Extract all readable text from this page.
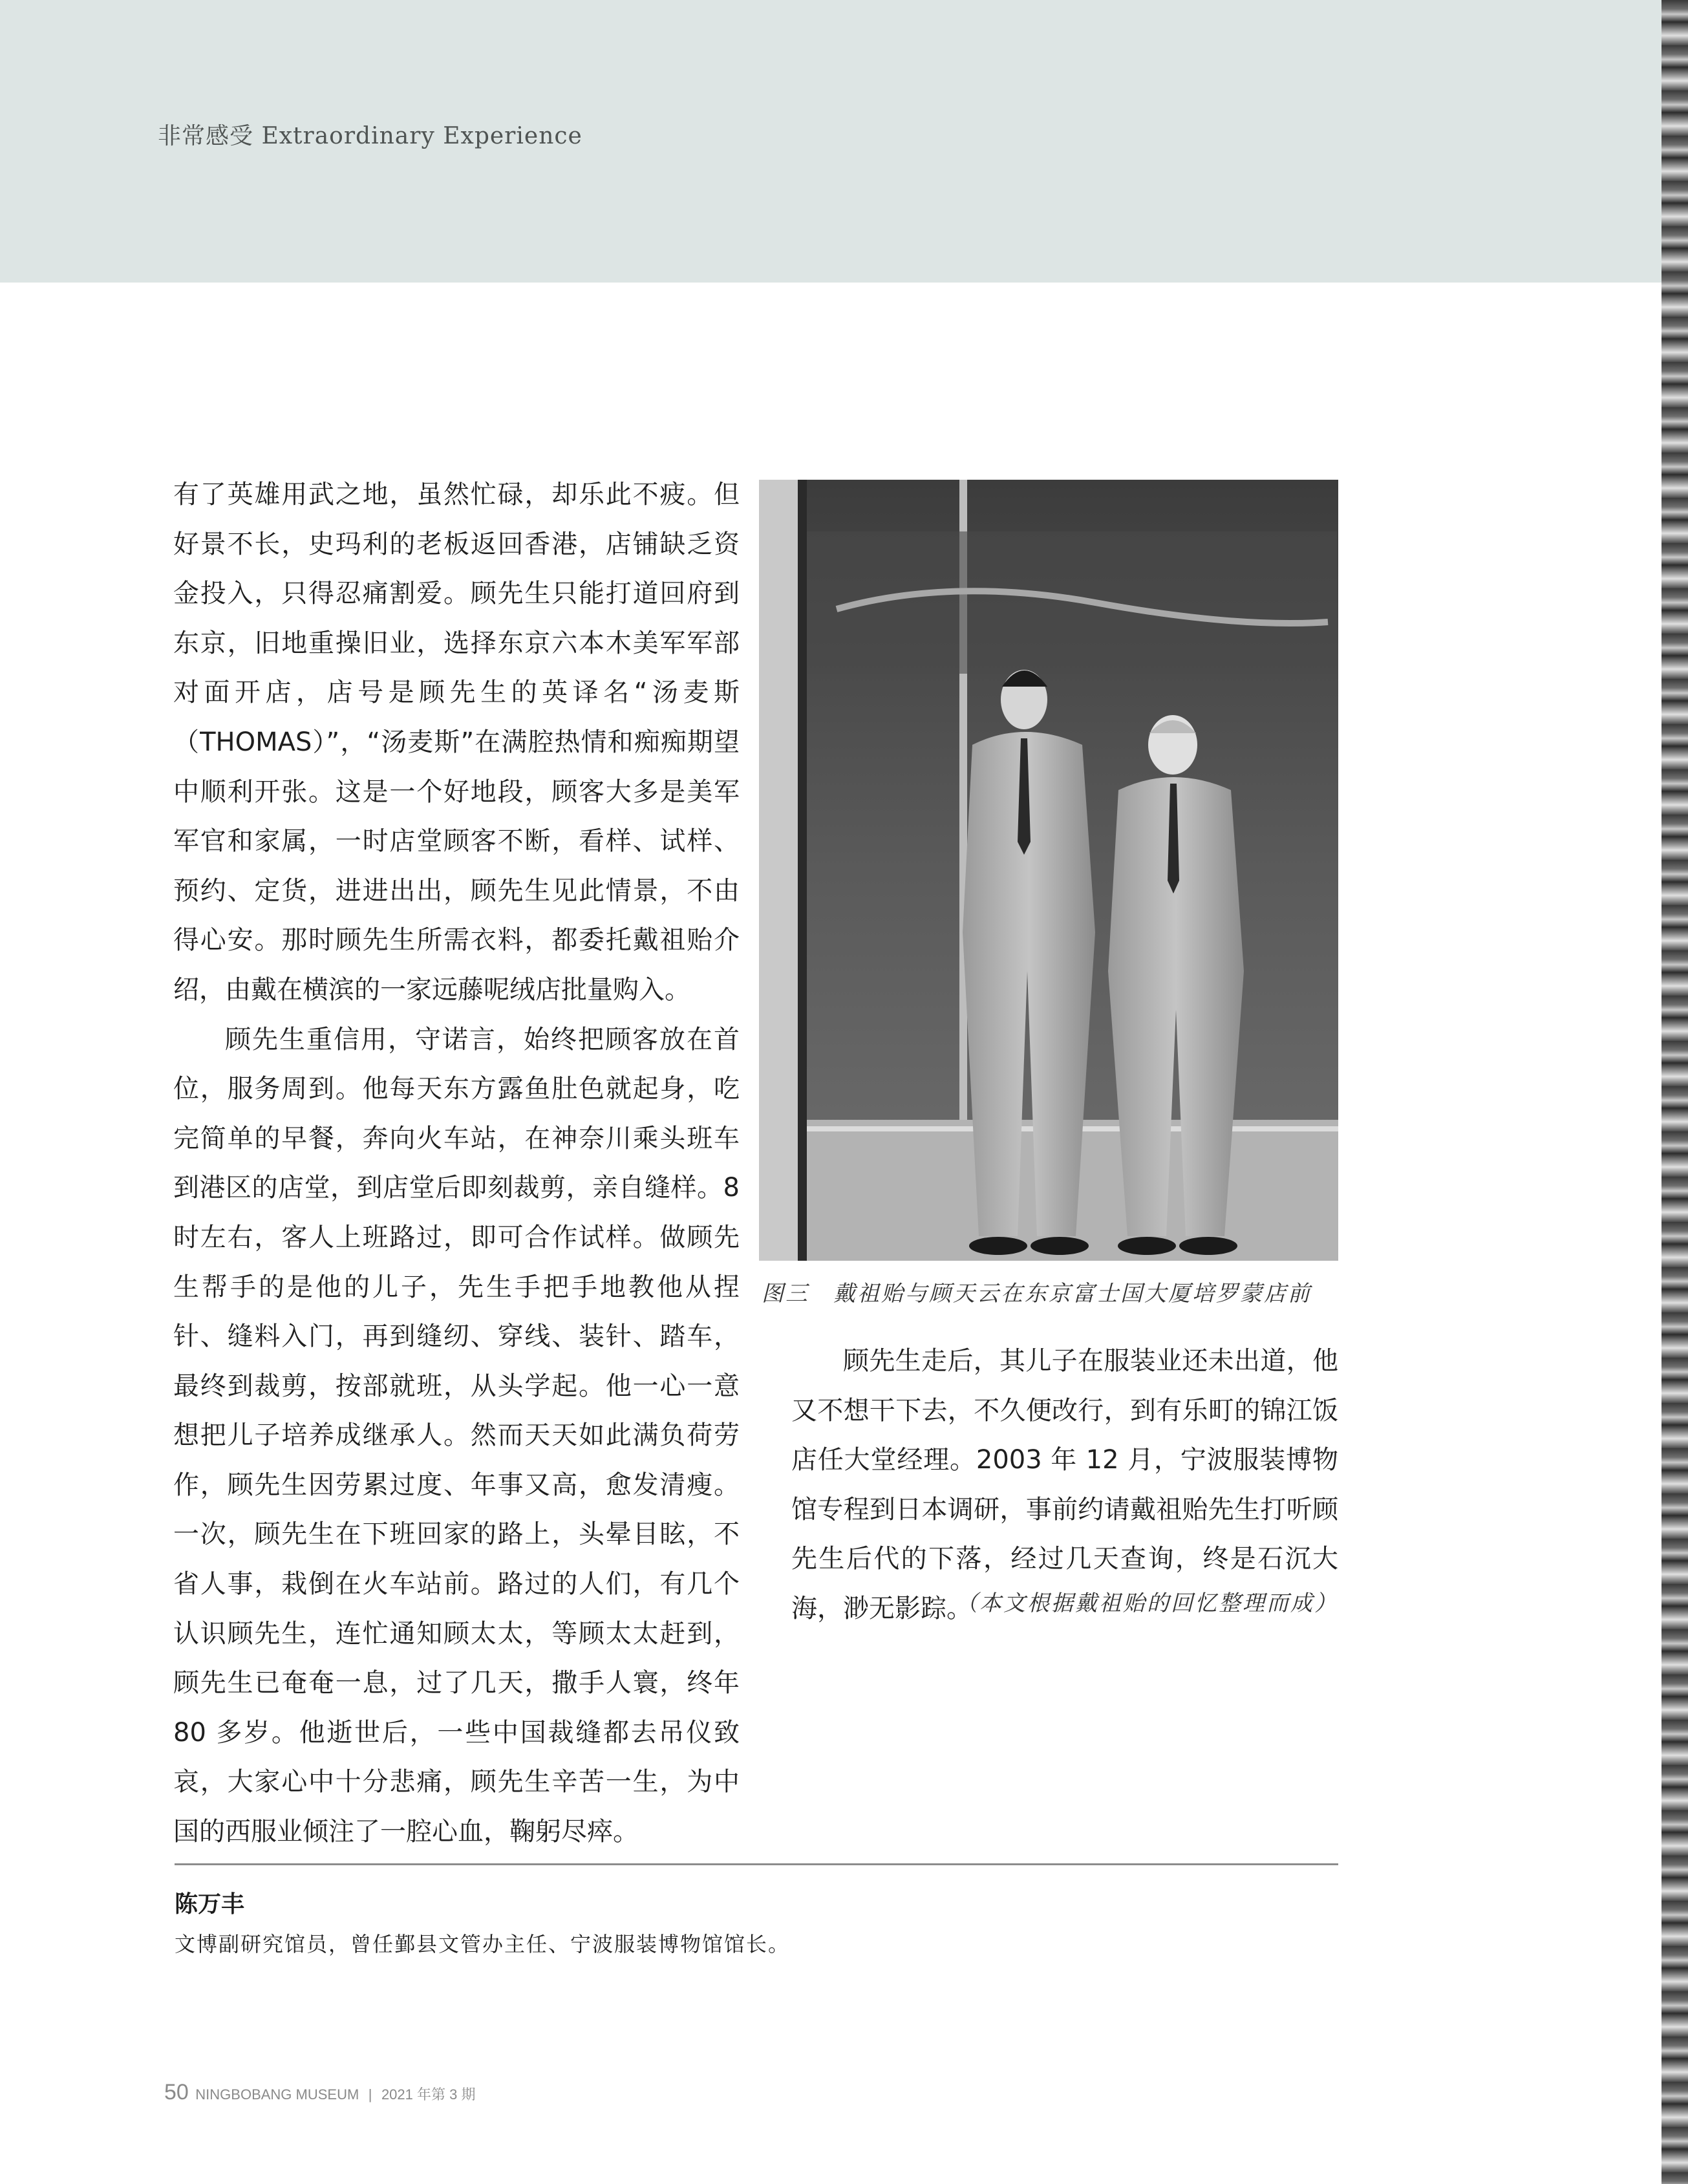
非常感受 Extraordinary Experience

有了英雄用武之地，虽然忙碌，却乐此不疲。但好景不长，史玛利的老板返回香港，店铺缺乏资金投入，只得忍痛割爱。顾先生只能打道回府到东京，旧地重操旧业，选择东京六本木美军军部对面开店，店号是顾先生的英译名“汤麦斯（THOMAS）”，“汤麦斯”在满腔热情和痴痴期望中顺利开张。这是一个好地段，顾客大多是美军军官和家属，一时店堂顾客不断，看样、试样、预约、定货，进进出出，顾先生见此情景，不由得心安。那时顾先生所需衣料，都委托戴祖贻介绍，由戴在横滨的一家远藤呢绒店批量购入。

顾先生重信用，守诺言，始终把顾客放在首位，服务周到。他每天东方露鱼肚色就起身，吃完简单的早餐，奔向火车站，在神奈川乘头班车到港区的店堂，到店堂后即刻裁剪，亲自缝样。8时左右，客人上班路过，即可合作试样。做顾先生帮手的是他的儿子，先生手把手地教他从捏针、缝料入门，再到缝纫、穿线、装针、踏车，最终到裁剪，按部就班，从头学起。他一心一意想把儿子培养成继承人。然而天天如此满负荷劳作，顾先生因劳累过度、年事又高，愈发清瘦。一次，顾先生在下班回家的路上，头晕目眩，不省人事，栽倒在火车站前。路过的人们，有几个认识顾先生，连忙通知顾太太，等顾太太赶到，顾先生已奄奄一息，过了几天，撒手人寰，终年 80 多岁。他逝世后，一些中国裁缝都去吊仪致哀，大家心中十分悲痛，顾先生辛苦一生，为中国的西服业倾注了一腔心血，鞠躬尽瘁。

图三　戴祖贻与顾天云在东京富士国大厦培罗蒙店前

顾先生走后，其儿子在服装业还未出道，他又不想干下去，不久便改行，到有乐町的锦江饭店任大堂经理。2003 年 12 月，宁波服装博物馆专程到日本调研，事前约请戴祖贻先生打听顾先生后代的下落，经过几天查询，终是石沉大海，渺无影踪。

（本文根据戴祖贻的回忆整理而成）
陈万丰
文博副研究馆员，曾任鄞县文管办主任、宁波服装博物馆馆长。
50 NINGBOBANG MUSEUM | 2021 年第 3 期
